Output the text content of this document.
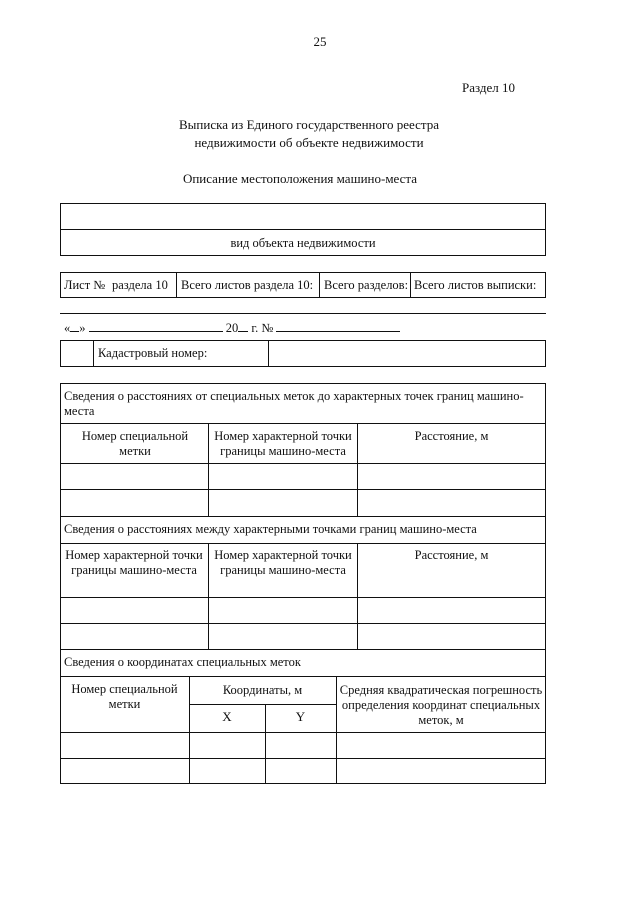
25
Раздел 10
Выписка из Единого государственного реестра
недвижимости об объекте недвижимости
Описание местоположения машино-места
вид объекта недвижимости
Лист № раздела 10 Всего листов раздела 10: Всего разделов: Всего листов выписки:
« »	20 г. №
Кадастровый номер:
Сведения о расстояниях от специальных меток до характерных точек границ машино-места
Номер специальной метки
Номер характерной точки границы машино-места
Расстояние, м
Сведения о расстояниях между характерными точками границ машино-места
Номер характерной точки границы машино-места
Номер характерной точки границы машино-места
Расстояние, м
Сведения о координатах специальных меток
Номер специальной метки
Координаты, м
X	Y
Средняя квадратическая погрешность определения координат специальных меток, м
